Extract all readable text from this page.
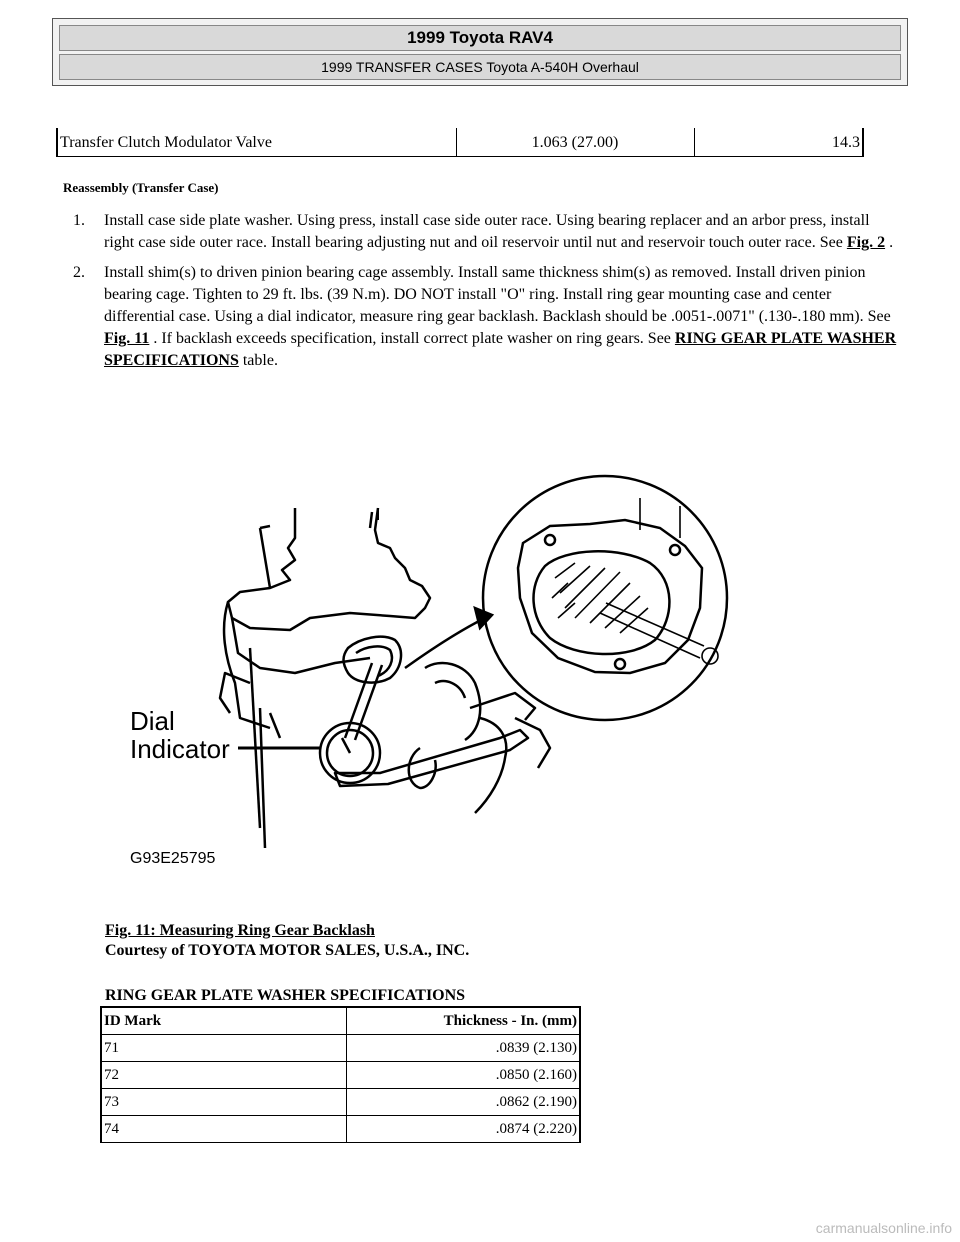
1999 Toyota RAV4
1999 TRANSFER CASES Toyota A-540H Overhaul
Transfer Clutch Modulator Valve	1.063 (27.00)	14.3
Reassembly (Transfer Case)
1. Install case side plate washer. Using press, install case side outer race. Using bearing replacer and an arbor press, install right case side outer race. Install bearing adjusting nut and oil reservoir until nut and reservoir touch outer race. See Fig. 2 .
2. Install shim(s) to driven pinion bearing cage assembly. Install same thickness shim(s) as removed. Install driven pinion bearing cage. Tighten to 29 ft. lbs. (39 N.m). DO NOT install "O" ring. Install ring gear mounting case and center differential case. Using a dial indicator, measure ring gear backlash. Backlash should be .0051-.0071" (.130-.180 mm). See Fig. 11 . If backlash exceeds specification, install correct plate washer on ring gears. See RING GEAR PLATE WASHER SPECIFICATIONS table.
Dial
Indicator
G93E25795
Fig. 11: Measuring Ring Gear Backlash
Courtesy of TOYOTA MOTOR SALES, U.S.A., INC.
RING GEAR PLATE WASHER SPECIFICATIONS
ID Mark	Thickness - In. (mm)
71	.0839 (2.130)
72	.0850 (2.160)
73	.0862 (2.190)
74	.0874 (2.220)
carmanualsonline.info
